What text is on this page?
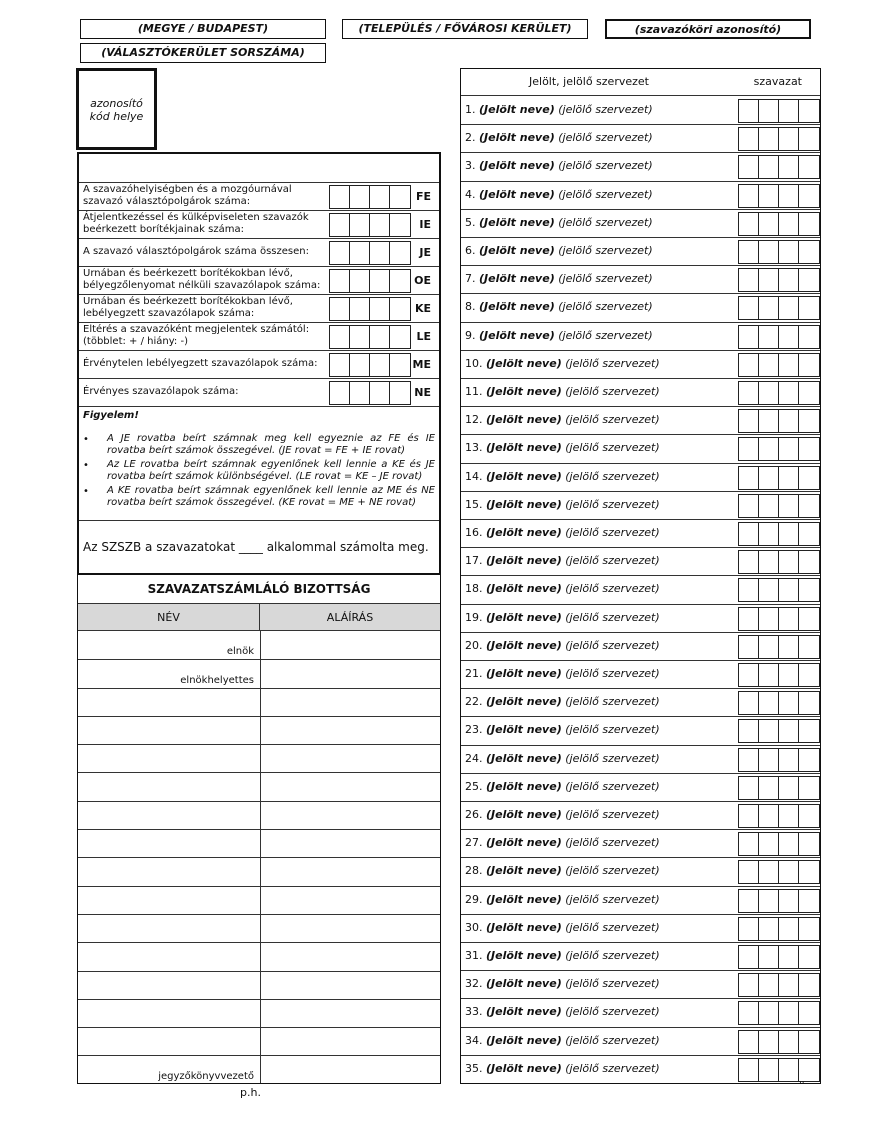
(MEGYE / BUDAPEST)	(TELEPÜLÉS / FŐVÁROSI KERÜLET)	(szavazóköri azonosító)
(VÁLASZTÓKERÜLET SORSZÁMA)
azonosító
kód helye
A szavazóhelyiségben és a mozgóurnával szavazó választópolgárok száma:	FE
Átjelentkezéssel és külképviseleten szavazók beérkezett borítékjainak száma:	IE
A szavazó választópolgárok száma összesen:	JE
Urnában és beérkezett borítékokban lévő, bélyegzőlenyomat nélküli szavazólapok száma:	OE
Urnában és beérkezett borítékokban lévő, lebélyegzett szavazólapok száma:	KE
Eltérés a szavazóként megjelentek számától: (többlet: + / hiány: -)	LE
Érvénytelen lebélyegzett szavazólapok száma:	ME
Érvényes szavazólapok száma:	NE
Figyelem!
• A JE rovatba beírt számnak meg kell egyeznie az FE és IE rovatba beírt számok összegével. (JE rovat = FE + IE rovat)
• Az LE rovatba beírt számnak egyenlőnek kell lennie a KE és JE rovatba beírt számok különbségével. (LE rovat = KE – JE rovat)
• A KE rovatba beírt számnak egyenlőnek kell lennie az ME és NE rovatba beírt számok összegével. (KE rovat = ME + NE rovat)
Az SZSZB a szavazatokat ____ alkalommal számolta meg.
SZAVAZATSZÁMLÁLÓ BIZOTTSÁG
NÉV	ALÁÍRÁS
elnök
elnökhelyettes
jegyzőkönyvvezető
p.h.
Jelölt, jelölő szervezet	szavazat
1. (Jelölt neve) (jelölő szervezet)
2. (Jelölt neve) (jelölő szervezet)
3. (Jelölt neve) (jelölő szervezet)
4. (Jelölt neve) (jelölő szervezet)
5. (Jelölt neve) (jelölő szervezet)
6. (Jelölt neve) (jelölő szervezet)
7. (Jelölt neve) (jelölő szervezet)
8. (Jelölt neve) (jelölő szervezet)
9. (Jelölt neve) (jelölő szervezet)
10. (Jelölt neve) (jelölő szervezet)
11. (Jelölt neve) (jelölő szervezet)
12. (Jelölt neve) (jelölő szervezet)
13. (Jelölt neve) (jelölő szervezet)
14. (Jelölt neve) (jelölő szervezet)
15. (Jelölt neve) (jelölő szervezet)
16. (Jelölt neve) (jelölő szervezet)
17. (Jelölt neve) (jelölő szervezet)
18. (Jelölt neve) (jelölő szervezet)
19. (Jelölt neve) (jelölő szervezet)
20. (Jelölt neve) (jelölő szervezet)
21. (Jelölt neve) (jelölő szervezet)
22. (Jelölt neve) (jelölő szervezet)
23. (Jelölt neve) (jelölő szervezet)
24. (Jelölt neve) (jelölő szervezet)
25. (Jelölt neve) (jelölő szervezet)
26. (Jelölt neve) (jelölő szervezet)
27. (Jelölt neve) (jelölő szervezet)
28. (Jelölt neve) (jelölő szervezet)
29. (Jelölt neve) (jelölő szervezet)
30. (Jelölt neve) (jelölő szervezet)
31. (Jelölt neve) (jelölő szervezet)
32. (Jelölt neve) (jelölő szervezet)
33. (Jelölt neve) (jelölő szervezet)
34. (Jelölt neve) (jelölő szervezet)
35. (Jelölt neve) (jelölő szervezet)
''
